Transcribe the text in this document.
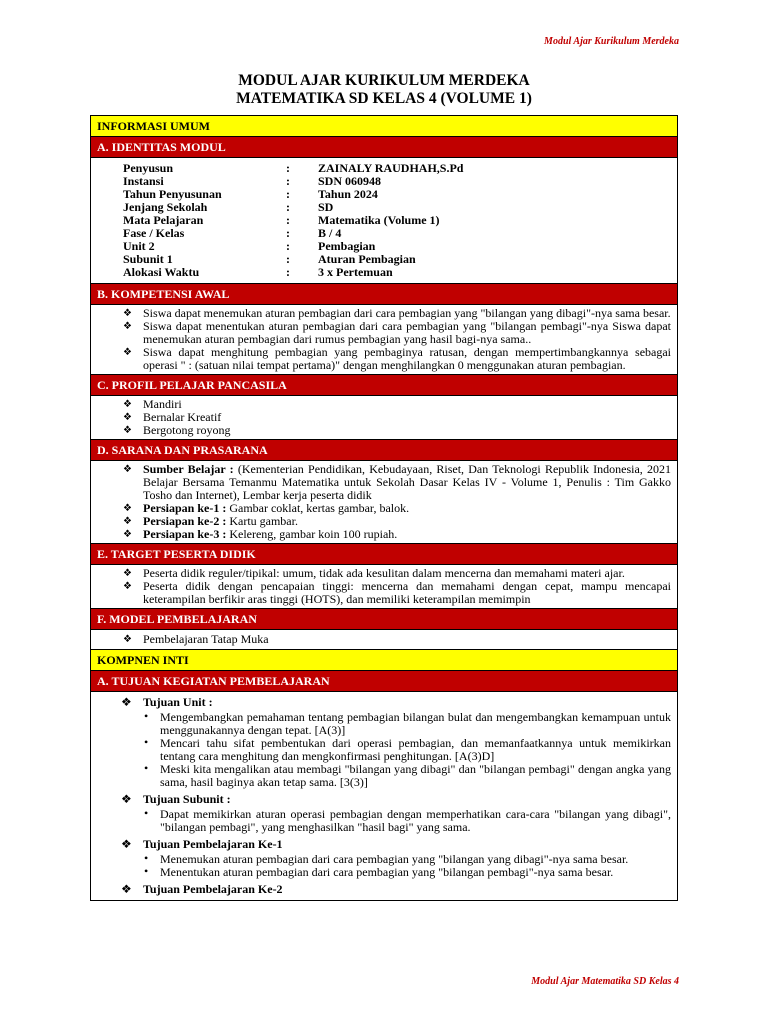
Modul Ajar Kurikulum Merdeka
MODUL AJAR KURIKULUM MERDEKA
MATEMATIKA SD KELAS 4 (VOLUME 1)
INFORMASI UMUM
A. IDENTITAS MODUL
Penyusun	:	ZAINALY RAUDHAH,S.Pd
Instansi	:	SDN 060948
Tahun Penyusunan	:	Tahun 2024
Jenjang Sekolah	:	SD
Mata Pelajaran	:	Matematika (Volume 1)
Fase / Kelas	:	B / 4
Unit 2	:	Pembagian
Subunit 1	:	Aturan Pembagian
Alokasi Waktu	:	3 x Pertemuan
B. KOMPETENSI AWAL
❖ Siswa dapat menemukan aturan pembagian dari cara pembagian yang "bilangan yang dibagi"-nya sama besar.
❖ Siswa dapat menentukan aturan pembagian dari cara pembagian yang "bilangan pembagi"-nya Siswa dapat menemukan aturan pembagian dari rumus pembagian yang hasil bagi-nya sama..
❖ Siswa dapat menghitung pembagian yang pembaginya ratusan, dengan mempertimbangkannya sebagai operasi " : (satuan nilai tempat pertama)" dengan menghilangkan 0 menggunakan aturan pembagian.
C. PROFIL PELAJAR PANCASILA
❖ Mandiri
❖ Bernalar Kreatif
❖ Bergotong royong
D. SARANA DAN PRASARANA
❖ Sumber Belajar : (Kementerian Pendidikan, Kebudayaan, Riset, Dan Teknologi Republik Indonesia, 2021 Belajar Bersama Temanmu Matematika untuk Sekolah Dasar Kelas IV - Volume 1, Penulis : Tim Gakko Tosho dan Internet), Lembar kerja peserta didik
❖ Persiapan ke-1 : Gambar coklat, kertas gambar, balok.
❖ Persiapan ke-2 : Kartu gambar.
❖ Persiapan ke-3 : Kelereng, gambar koin 100 rupiah.
E. TARGET PESERTA DIDIK
❖ Peserta didik reguler/tipikal: umum, tidak ada kesulitan dalam mencerna dan memahami materi ajar.
❖ Peserta didik dengan pencapaian tinggi: mencerna dan memahami dengan cepat, mampu mencapai keterampilan berfikir aras tinggi (HOTS), dan memiliki keterampilan memimpin
F. MODEL PEMBELAJARAN
❖ Pembelajaran Tatap Muka
KOMPNEN INTI
A. TUJUAN KEGIATAN PEMBELAJARAN
❖ Tujuan Unit :
• Mengembangkan pemahaman tentang pembagian bilangan bulat dan mengembangkan kemampuan untuk menggunakannya dengan tepat. [A(3)]
• Mencari tahu sifat pembentukan dari operasi pembagian, dan memanfaatkannya untuk memikirkan tentang cara menghitung dan mengkonfirmasi penghitungan. [A(3)D]
• Meski kita mengalikan atau membagi "bilangan yang dibagi" dan "bilangan pembagi" dengan angka yang sama, hasil baginya akan tetap sama. [3(3)]
❖ Tujuan Subunit :
• Dapat memikirkan aturan operasi pembagian dengan memperhatikan cara-cara "bilangan yang dibagi", "bilangan pembagi", yang menghasilkan "hasil bagi" yang sama.
❖ Tujuan Pembelajaran Ke-1
• Menemukan aturan pembagian dari cara pembagian yang "bilangan yang dibagi"-nya sama besar.
• Menentukan aturan pembagian dari cara pembagian yang "bilangan pembagi"-nya sama besar.
❖ Tujuan Pembelajaran Ke-2
Modul Ajar Matematika SD Kelas 4
